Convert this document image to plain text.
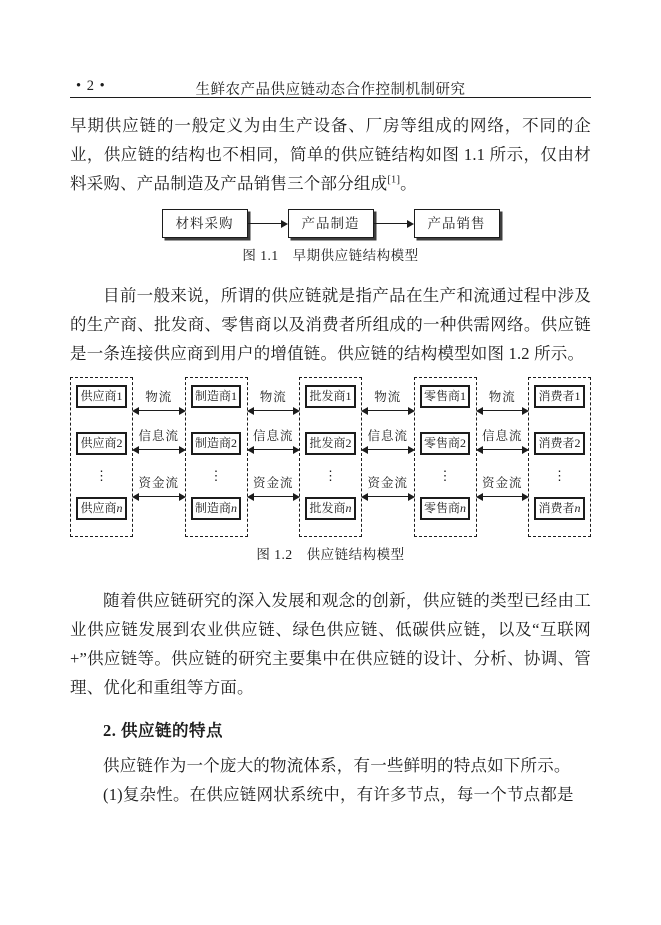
• 2 •	生鲜农产品供应链动态合作控制机制研究

早期供应链的一般定义为由生产设备、厂房等组成的网络，不同的企业，供应链的结构也不相同，简单的供应链结构如图 1.1 所示，仅由材料采购、产品制造及产品销售三个部分组成[1]。

材料采购	产品制造	产品销售
图 1.1　早期供应链结构模型

目前一般来说，所谓的供应链就是指产品在生产和流通过程中涉及的生产商、批发商、零售商以及消费者所组成的一种供需网络。供应链是一条连接供应商到用户的增值链。供应链的结构模型如图 1.2 所示。

供应商1
供应商2
⋮
供应商n
物流
信息流
资金流
制造商1
制造商2
⋮
制造商n
物流
信息流
资金流
批发商1
批发商2
⋮
批发商n
物流
信息流
资金流
零售商1
零售商2
⋮
零售商n
物流
信息流
资金流
消费者1
消费者2
⋮
消费者n
图 1.2　供应链结构模型

随着供应链研究的深入发展和观念的创新，供应链的类型已经由工业供应链发展到农业供应链、绿色供应链、低碳供应链，以及“互联网+”供应链等。供应链的研究主要集中在供应链的设计、分析、协调、管理、优化和重组等方面。

2. 供应链的特点

供应链作为一个庞大的物流体系，有一些鲜明的特点如下所示。

(1)复杂性。在供应链网状系统中，有许多节点，每一个节点都是
